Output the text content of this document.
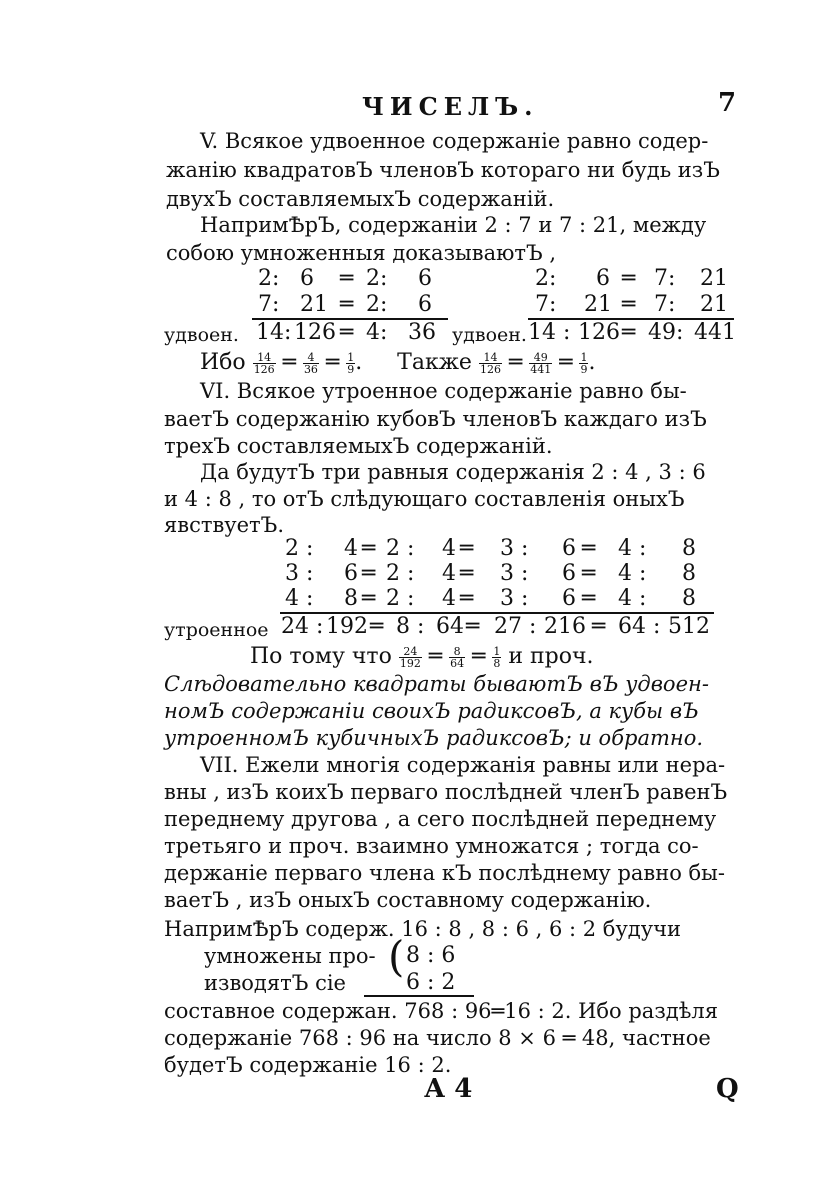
ЧИСЕЛЪ.	7
V. Всякое удвоенное содержанiе равно содер-
жанiю квадратовЪ членовЪ котораго ни будь изЪ
двухЪ составляемыхЪ содержанiй.
НапримѢрЪ, содержанiи 2 : 7 и 7 : 21, между
собою умноженныя доказываютЪ ,
2: 6 ═ 2: 6
7: 21 ═ 2: 6
удвоен. 14: 126 ═ 4: 36
2: 6 ═ 7: 21
7: 21 ═ 7: 21
удвоен. 14 : 126 ═ 49: 441
Ибо $\frac{14}{126}$ ═ $\frac{4}{36}$ ═ $\frac{1}{9}$ .     Также $\frac{14}{126}$ ═ $\frac{49}{441}$ ═ $\frac{1}{9}$ .
VI. Всякое утроенное содержанiе равно бы-
ваетЪ содержанiю кубовЪ членовЪ каждаго изЪ
трехЪ составляемыхЪ содержанiй.
Да будутЪ три равныя содержанiя 2 : 4 , 3 : 6
и 4 : 8 , то отЪ слѣдующаго составленiя оныхЪ
явствуетЪ.
2 : 4 ═ 2 : 4 ═ 3 : 6 ═ 4 : 8
3 : 6 ═ 2 : 4 ═ 3 : 6 ═ 4 : 8
4 : 8 ═ 2 : 4 ═ 3 : 6 ═ 4 : 8
утроенное 24 : 192 ═ 8 : 64 ═ 27 : 216 ═ 64 : 512
По тому что $\frac{24}{192}$ ═ $\frac{8}{64}$ ═ $\frac{1}{8}$ и проч.
Слѣдовательно квадраты бываютЪ вЪ удвоен-
номЪ содержанiи своихЪ радиксовЪ, а кубы вЪ
утроенномЪ кубичныхЪ радиксовЪ; и обратно.
VII. Ежели многiя содержанiя равны или нера-
вны , изЪ коихЪ перваго послѣдней членЪ равенЪ
переднему другова , а сего послѣдней переднему
третьяго и проч. взаимно умножатся ; тогда со-
держанiе перваго члена кЪ послѣднему равно бы-
ваетЪ , изЪ оныхЪ составному содержанiю.
НапримѢрЪ содерж. 16 : 8 , 8 : 6 , 6 : 2 будучи
умножены про-
изводятЪ сiе
( 8 : 6
6 : 2
составное содержан. 768 : 96═16 : 2. Ибо раздѣля
содержанiе 768 : 96 на число 8 ⨯ 6 ═ 48, частное
будетЪ содержанiе 16 : 2.
А 4	Q
